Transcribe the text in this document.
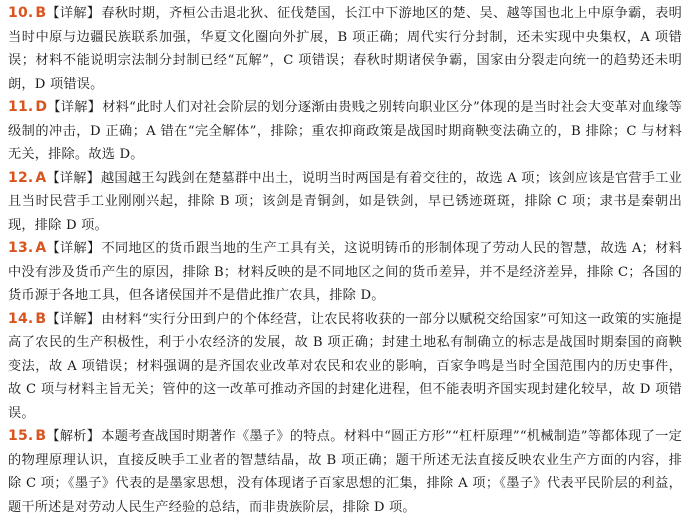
10. B【详解】春秋时期，齐桓公击退北狄、征伐楚国，长江中下游地区的楚、吴、越等国也北上中原争霸，表明当时中原与边疆民族联系加强，华夏文化圈向外扩展，B 项正确；周代实行分封制，还未实现中央集权，A 项错误；材料不能说明宗法制分封制已经“瓦解”，C 项错误；春秋时期诸侯争霸，国家由分裂走向统一的趋势还未明朗，D 项错误。

11. D【详解】材料“此时人们对社会阶层的划分逐渐由贵贱之别转向职业区分”体现的是当时社会大变革对血缘等级制的冲击，D 正确；A 错在“完全解体”，排除；重农抑商政策是战国时期商鞅变法确立的，B 排除；C 与材料无关，排除。故选 D。

12. A【详解】越国越王勾践剑在楚墓群中出土，说明当时两国是有着交往的，故选 A 项；该剑应该是官营手工业且当时民营手工业刚刚兴起，排除 B 项；该剑是青铜剑，如是铁剑，早已锈迹斑斑，排除 C 项；隶书是秦朝出现，排除 D 项。

13. A【详解】不同地区的货币跟当地的生产工具有关，这说明铸币的形制体现了劳动人民的智慧，故选 A；材料中没有涉及货币产生的原因，排除 B；材料反映的是不同地区之间的货币差异，并不是经济差异，排除 C；各国的货币源于各地工具，但各诸侯国并不是借此推广农具，排除 D。

14. B【详解】由材料“实行分田到户的个体经营，让农民将收获的一部分以赋税交给国家”可知这一政策的实施提高了农民的生产积极性，利于小农经济的发展，故 B 项正确；封建土地私有制确立的标志是战国时期秦国的商鞅变法，故 A 项错误；材料强调的是齐国农业改革对农民和农业的影响，百家争鸣是当时全国范围内的历史事件，故 C 项与材料主旨无关；管仲的这一改革可推动齐国的封建化进程，但不能表明齐国实现封建化较早，故 D 项错误。

15. B【解析】本题考查战国时期著作《墨子》的特点。材料中“圆正方形”“杠杆原理”“机械制造”等都体现了一定的物理原理认识，直接反映手工业者的智慧结晶，故 B 项正确；题干所述无法直接反映农业生产方面的内容，排除 C 项；《墨子》代表的是墨家思想，没有体现诸子百家思想的汇集，排除 A 项；《墨子》代表平民阶层的利益，题干所述是对劳动人民生产经验的总结，而非贵族阶层，排除 D 项。
